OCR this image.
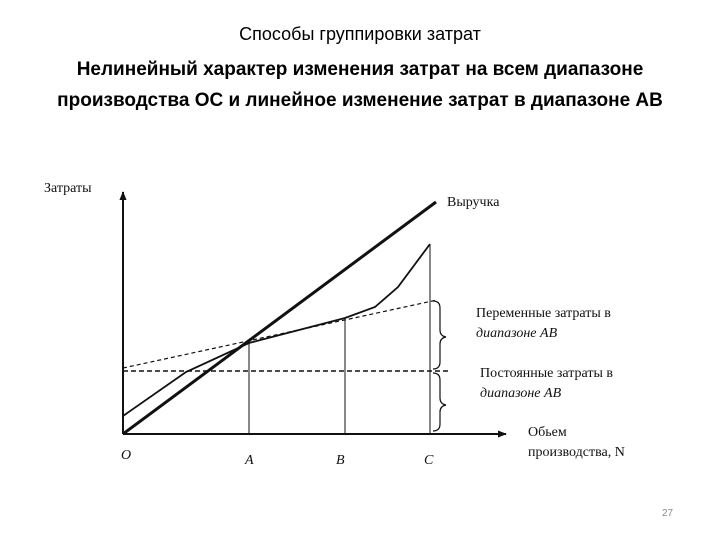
Способы группировки затрат
Нелинейный характер изменения затрат на всем диапазоне
производства ОС и линейное изменение затрат в диапазоне АВ
Затраты
Выручка
Переменные затраты в
диапазоне AB
Постоянные затраты в
диапазоне AB
Обьем
производства, N
O	A	B	C
27
